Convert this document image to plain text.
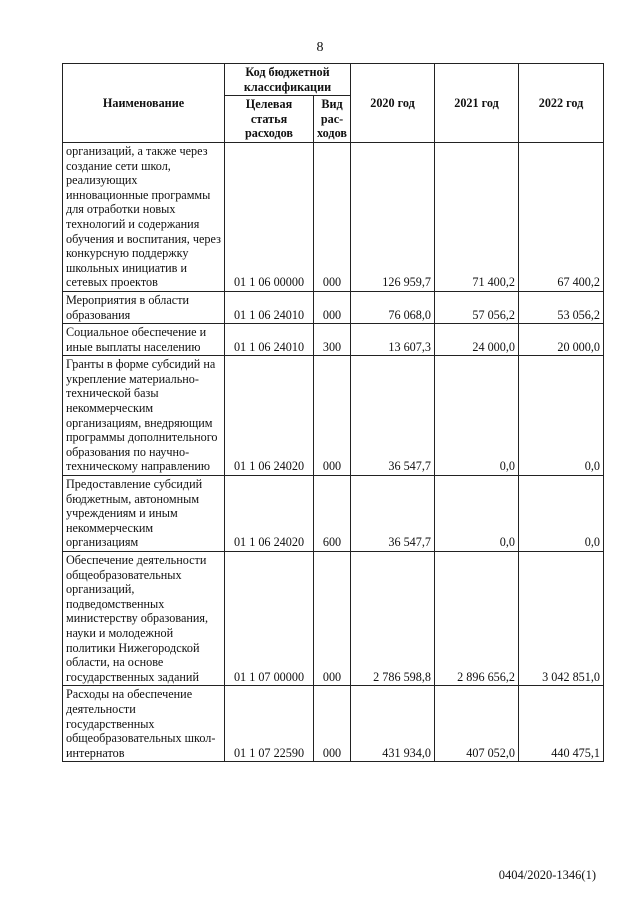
8
Наименование	Код бюджетной классификации		2020 год	2021 год	2022 год
	Целевая статья расходов	Вид рас-ходов			
организаций, а также через создание сети школ, реализующих инновационные программы для отработки новых технологий и содержания обучения и воспитания, через конкурсную поддержку школьных инициатив и сетевых проектов	01 1 06 00000	000	126 959,7	71 400,2	67 400,2
Мероприятия в области образования	01 1 06 24010	000	76 068,0	57 056,2	53 056,2
Социальное обеспечение и иные выплаты населению	01 1 06 24010	300	13 607,3	24 000,0	20 000,0
Гранты в форме субсидий на укрепление материально-технической базы некоммерческим организациям, внедряющим программы дополнительного образования по научно-техническому направлению	01 1 06 24020	000	36 547,7	0,0	0,0
Предоставление субсидий бюджетным, автономным учреждениям и иным некоммерческим организациям	01 1 06 24020	600	36 547,7	0,0	0,0
Обеспечение деятельности общеобразовательных организаций, подведомственных министерству образования, науки и молодежной политики Нижегородской области, на основе государственных заданий	01 1 07 00000	000	2 786 598,8	2 896 656,2	3 042 851,0
Расходы на обеспечение деятельности государственных общеобразовательных школ-интернатов	01 1 07 22590	000	431 934,0	407 052,0	440 475,1
0404/2020-1346(1)
